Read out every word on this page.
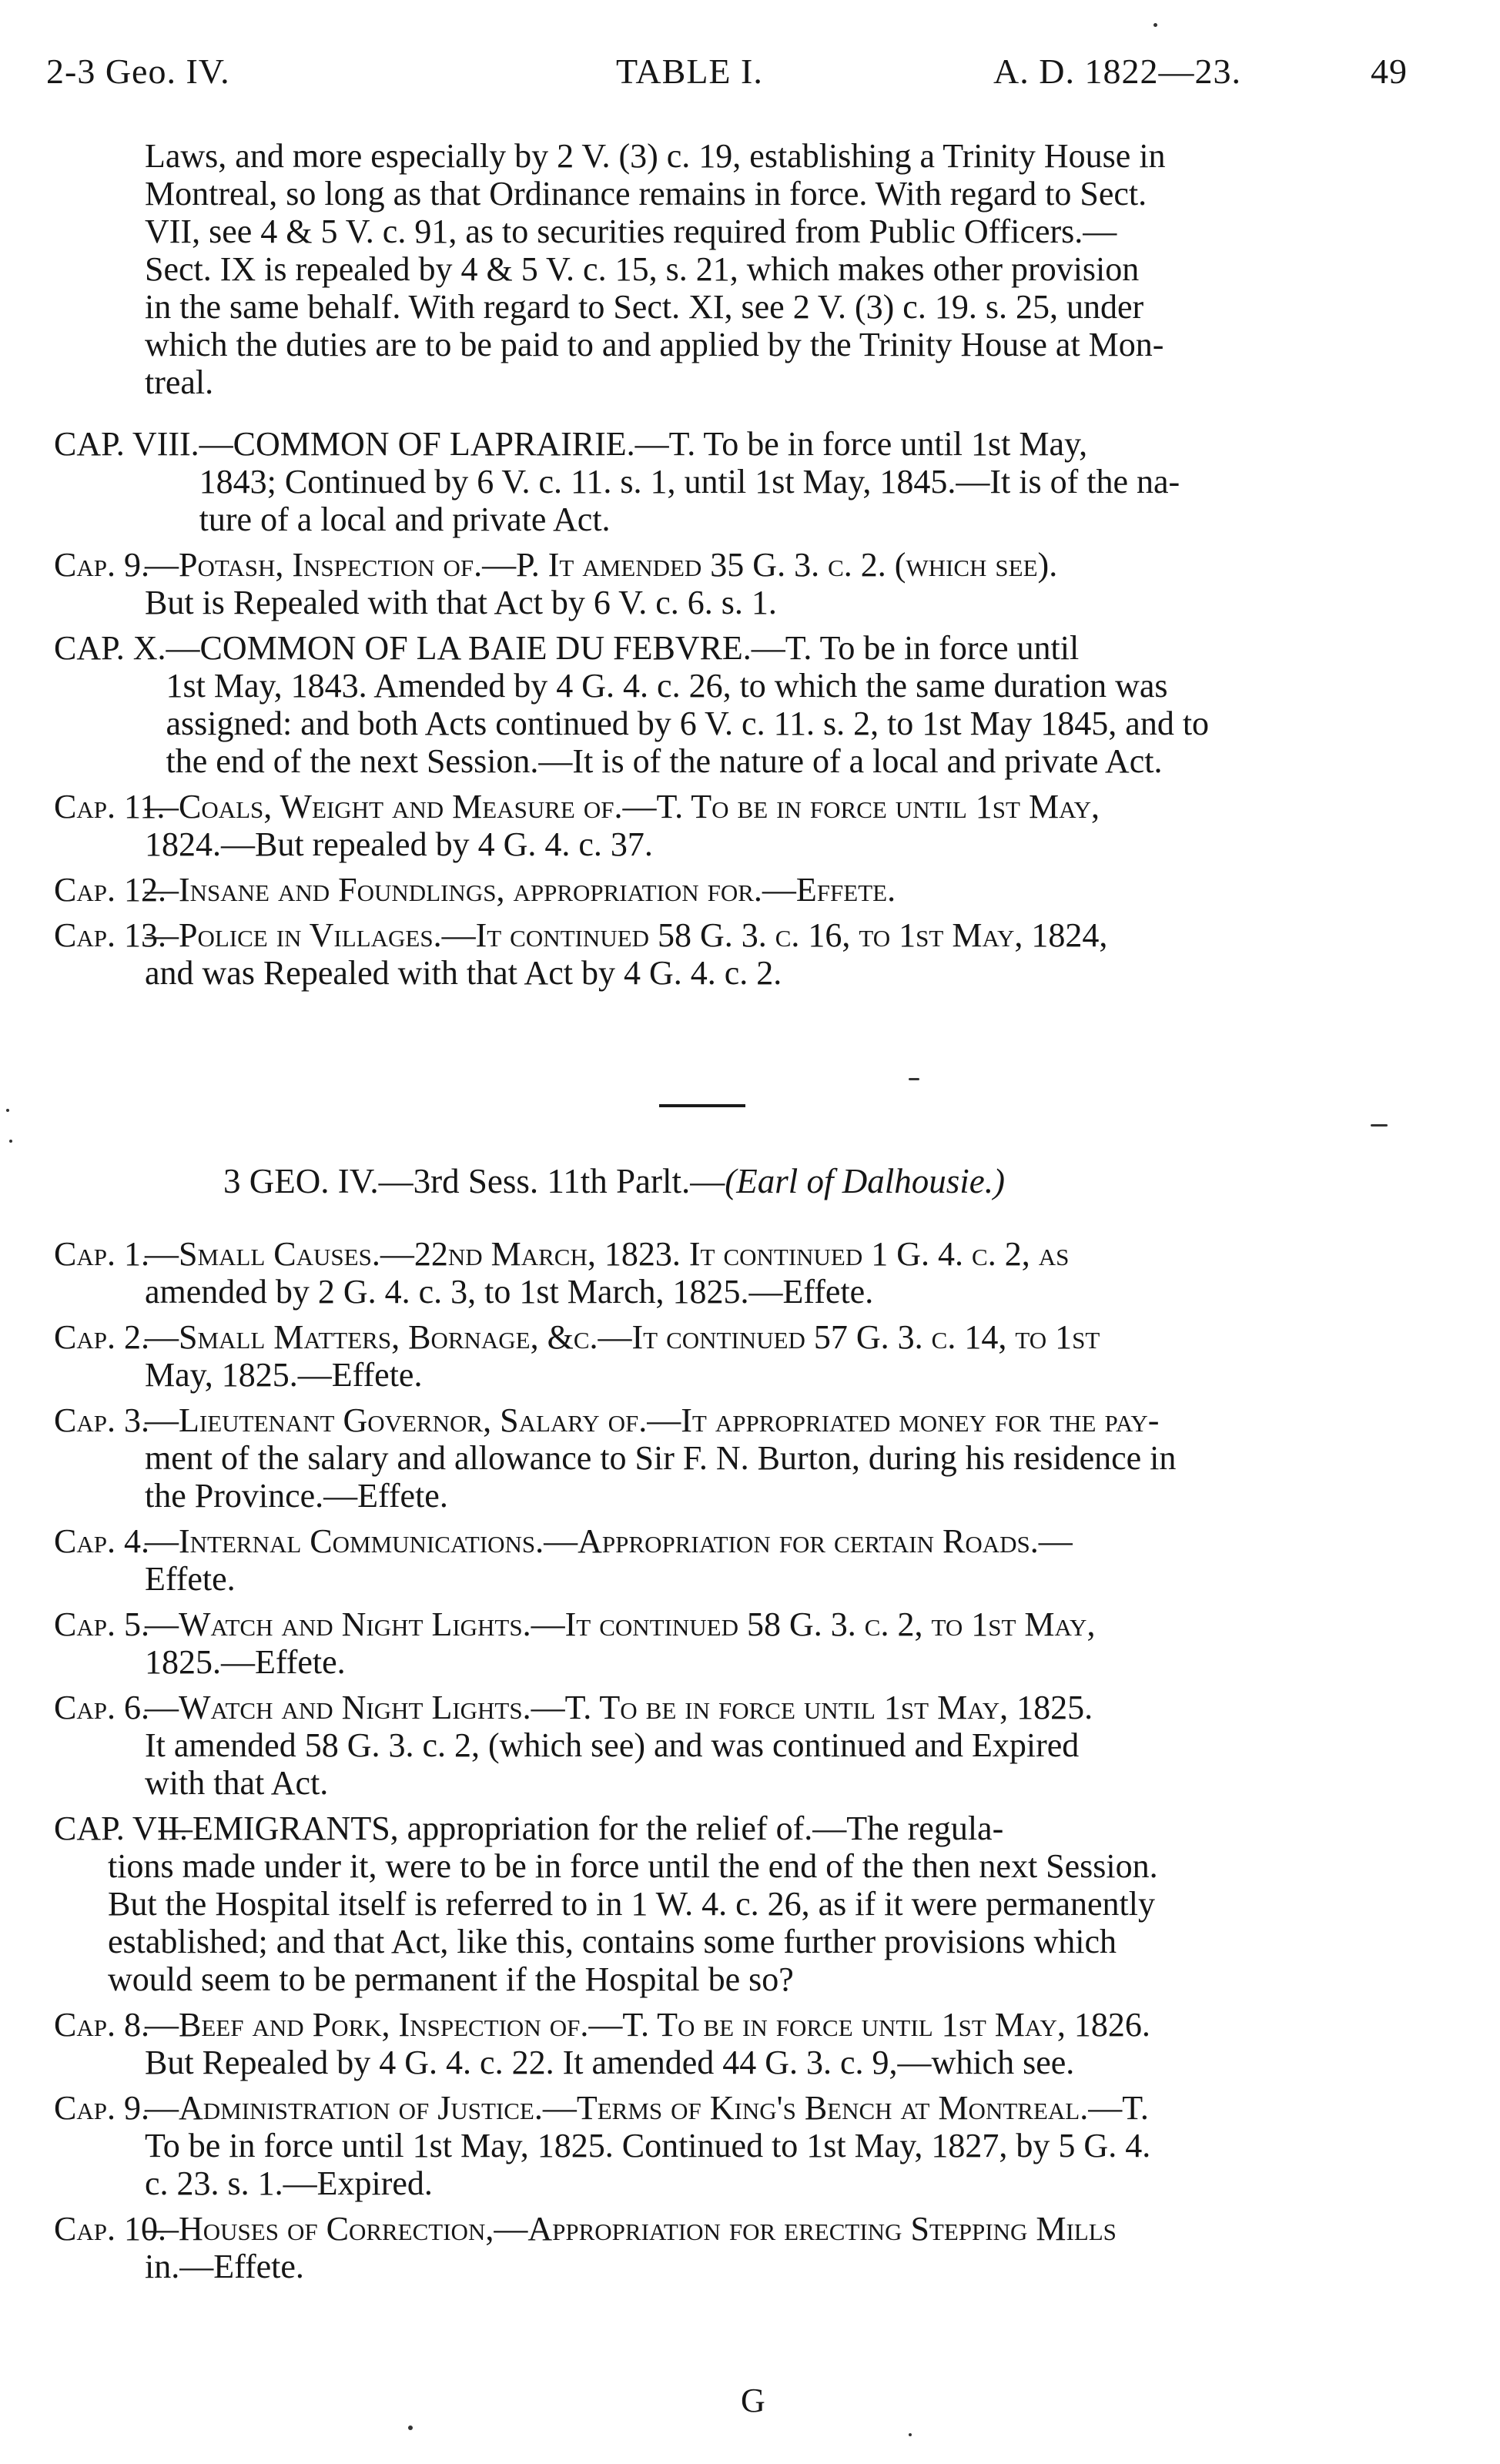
2-3 Geo. IV.	TABLE I.	A. D. 1822—23.	49
Laws, and more especially by 2 V. (3) c. 19, establishing a Trinity House in
Montreal, so long as that Ordinance remains in force. With regard to Sect.
VII, see 4 & 5 V. c. 91, as to securities required from Public Officers.—
Sect. IX is repealed by 4 & 5 V. c. 15, s. 21, which makes other provision
in the same behalf. With regard to Sect. XI, see 2 V. (3) c. 19. s. 25, under
which the duties are to be paid to and applied by the Trinity House at Mon-
treal.
CAP. VIII. —COMMON OF LAPRAIRIE.—T. To be in force until 1st May,
1843; Continued by 6 V. c. 11. s. 1, until 1st May, 1845.—It is of the na-
ture of a local and private Act.
Cap. 9.
—Potash, Inspection of.—P. It amended 35 G. 3. c. 2. (which see).
But is Repealed with that Act by 6 V. c. 6. s. 1.
CAP. X. —COMMON OF LA BAIE DU FEBVRE.—T. To be in force until
1st May, 1843. Amended by 4 G. 4. c. 26, to which the same duration was
assigned: and both Acts continued by 6 V. c. 11. s. 2, to 1st May 1845, and to
the end of the next Session.—It is of the nature of a local and private Act.
Cap. 11.
—Coals, Weight and Measure of.—T. To be in force until 1st May,
1824.—But repealed by 4 G. 4. c. 37.
Cap. 12.
—Insane and Foundlings, appropriation for.—Effete.
Cap. 13.
—Police in Villages.—It continued 58 G. 3. c. 16, to 1st May, 1824,
and was Repealed with that Act by 4 G. 4. c. 2.
3 GEO. IV.—3rd Sess. 11th Parlt.—(Earl of Dalhousie.)
Cap. 1.
—Small Causes.—22nd March, 1823. It continued 1 G. 4. c. 2, as
amended by 2 G. 4. c. 3, to 1st March, 1825.—Effete.
Cap. 2.
—Small Matters, Bornage, &c.—It continued 57 G. 3. c. 14, to 1st
May, 1825.—Effete.
Cap. 3.
—Lieutenant Governor, Salary of.—It appropriated money for the pay-
ment of the salary and allowance to Sir F. N. Burton, during his residence in
the Province.—Effete.
Cap. 4.
—Internal Communications.—Appropriation for certain Roads.—
Effete.
Cap. 5.
—Watch and Night Lights.—It continued 58 G. 3. c. 2, to 1st May,
1825.—Effete.
Cap. 6.
—Watch and Night Lights.—T. To be in force until 1st May, 1825.
It amended 58 G. 3. c. 2, (which see) and was continued and Expired
with that Act.
CAP. VII.
—EMIGRANTS, appropriation for the relief of.—The regula-
tions made under it, were to be in force until the end of the then next Session.
But the Hospital itself is referred to in 1 W. 4. c. 26, as if it were permanently
established; and that Act, like this, contains some further provisions which
would seem to be permanent if the Hospital be so?
Cap. 8.
—Beef and Pork, Inspection of.—T. To be in force until 1st May, 1826.
But Repealed by 4 G. 4. c. 22. It amended 44 G. 3. c. 9,—which see.
Cap. 9.
—Administration of Justice.—Terms of King's Bench at Montreal.—T.
To be in force until 1st May, 1825. Continued to 1st May, 1827, by 5 G. 4.
c. 23. s. 1.—Expired.
Cap. 10.
—Houses of Correction,—Appropriation for erecting Stepping Mills
in.—Effete.
G
